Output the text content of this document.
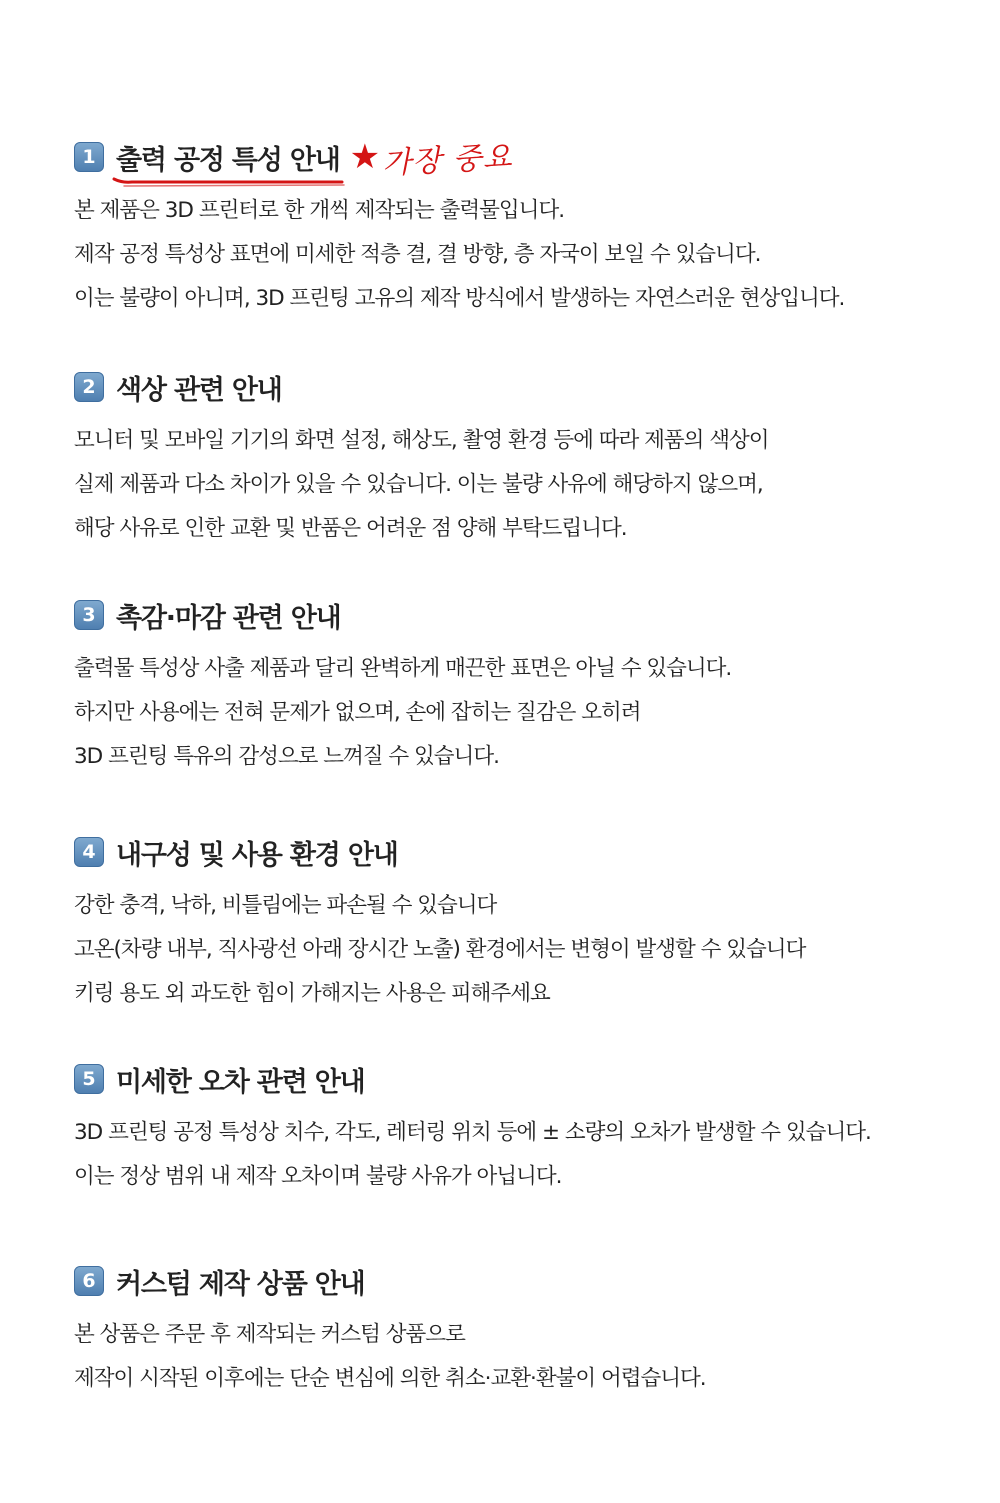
1 출력 공정 특성 안내 ★ 가장 중요
본 제품은 3D 프린터로 한 개씩 제작되는 출력물입니다.
제작 공정 특성상 표면에 미세한 적층 결, 결 방향, 층 자국이 보일 수 있습니다.
이는 불량이 아니며, 3D 프린팅 고유의 제작 방식에서 발생하는 자연스러운 현상입니다.
2 색상 관련 안내
모니터 및 모바일 기기의 화면 설정, 해상도, 촬영 환경 등에 따라 제품의 색상이
실제 제품과 다소 차이가 있을 수 있습니다. 이는 불량 사유에 해당하지 않으며,
해당 사유로 인한 교환 및 반품은 어려운 점 양해 부탁드립니다.
3 촉감·마감 관련 안내
출력물 특성상 사출 제품과 달리 완벽하게 매끈한 표면은 아닐 수 있습니다.
하지만 사용에는 전혀 문제가 없으며, 손에 잡히는 질감은 오히려
3D 프린팅 특유의 감성으로 느껴질 수 있습니다.
4 내구성 및 사용 환경 안내
강한 충격, 낙하, 비틀림에는 파손될 수 있습니다
고온(차량 내부, 직사광선 아래 장시간 노출) 환경에서는 변형이 발생할 수 있습니다
키링 용도 외 과도한 힘이 가해지는 사용은 피해주세요
5 미세한 오차 관련 안내
3D 프린팅 공정 특성상 치수, 각도, 레터링 위치 등에 ± 소량의 오차가 발생할 수 있습니다.
이는 정상 범위 내 제작 오차이며 불량 사유가 아닙니다.
6 커스텀 제작 상품 안내
본 상품은 주문 후 제작되는 커스텀 상품으로
제작이 시작된 이후에는 단순 변심에 의한 취소·교환·환불이 어렵습니다.
